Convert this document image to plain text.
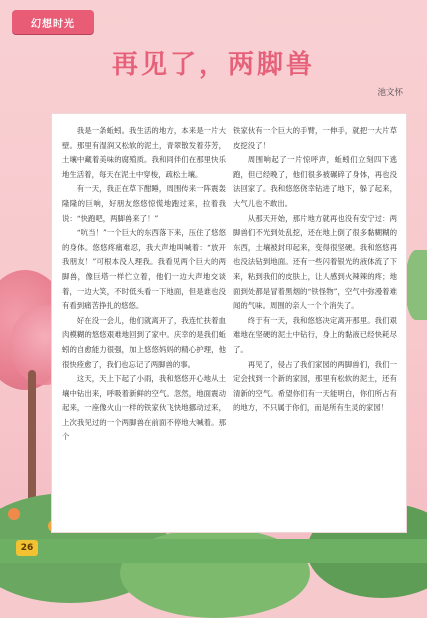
幻想时光
再见了，两脚兽
池文怀

我是一条蚯蚓。我生活的地方，本来是一片大壁。那里有湿润又松软的泥土，青翠散发着芬芳，土壤中藏着美味的腐殖质。我和同伴们在那里快乐地生活着，每天在泥土中穿梭，疏松土壤。

有一天，我正在草下酣睡，周围传来一阵震轰隆隆的巨响，好朋友悠悠惊慌地跑过来，拉着我说：“快跑吧，两脚兽来了！”

“吭当！”一个巨大的东西落下来，压住了悠悠的身体。悠悠疼痛难忍，我大声地叫喊着：“放开我朋友！”可根本没人理我。我看见两个巨大的两脚兽，像巨塔一样伫立着，他们一边大声地交谈着，一边大笑，不时低头看一下地面，但是谁也没有看到痛苦挣扎的悠悠。

好在没一会儿，他们就离开了，我连忙扶着血肉模糊的悠悠艰难地回到了家中。庆幸的是我们蚯蚓的自愈能力很强，加上悠悠妈妈的精心护理，他很快痊愈了，我们也忘记了两脚兽的事。

这天，天上下起了小雨，我和悠悠开心地从土壤中钻出来，呼吸着新鲜的空气。忽然，地面震动起来，一座像火山一样的铁家伙飞快地挪动过来，上次我见过的一个两脚兽在前面不停地大喊着。那个

铁家伙有一个巨大的手臂，一伸手，就把一大片草皮挖没了！

周围响起了一片惊呼声，蚯蚓们立刻四下逃跑，但已经晚了，他们很多被碾碎了身体，再也没法回家了。我和悠悠侥幸钻进了地下，躲了起来，大气儿也不敢出。

从那天开始，那片地方就再也没有安宁过：两脚兽们不光到处乱挖，还在地上倒了很多黏糊糊的东西，土壤被封印起来，变得很坚硬。我和悠悠再也没法钻到地面。还有一些闪着银光的液体流了下来，粘到我们的皮肤上，让人感到火辣辣的疼；地面到处都是冒着黑烟的“铁怪物”，空气中弥漫着难闻的气味。周围的亲人一个个消失了。

终于有一天，我和悠悠决定离开那里。我们艰难地在坚硬的泥土中钻行，身上的黏液已经快耗尽了。

再见了，侵占了我们家园的两脚兽们，我们一定会找到一个新的家园，那里有松软的泥土，还有清新的空气。希望你们有一天能明白，你们所占有的地方，不只属于你们，而是所有生灵的家园！

26
